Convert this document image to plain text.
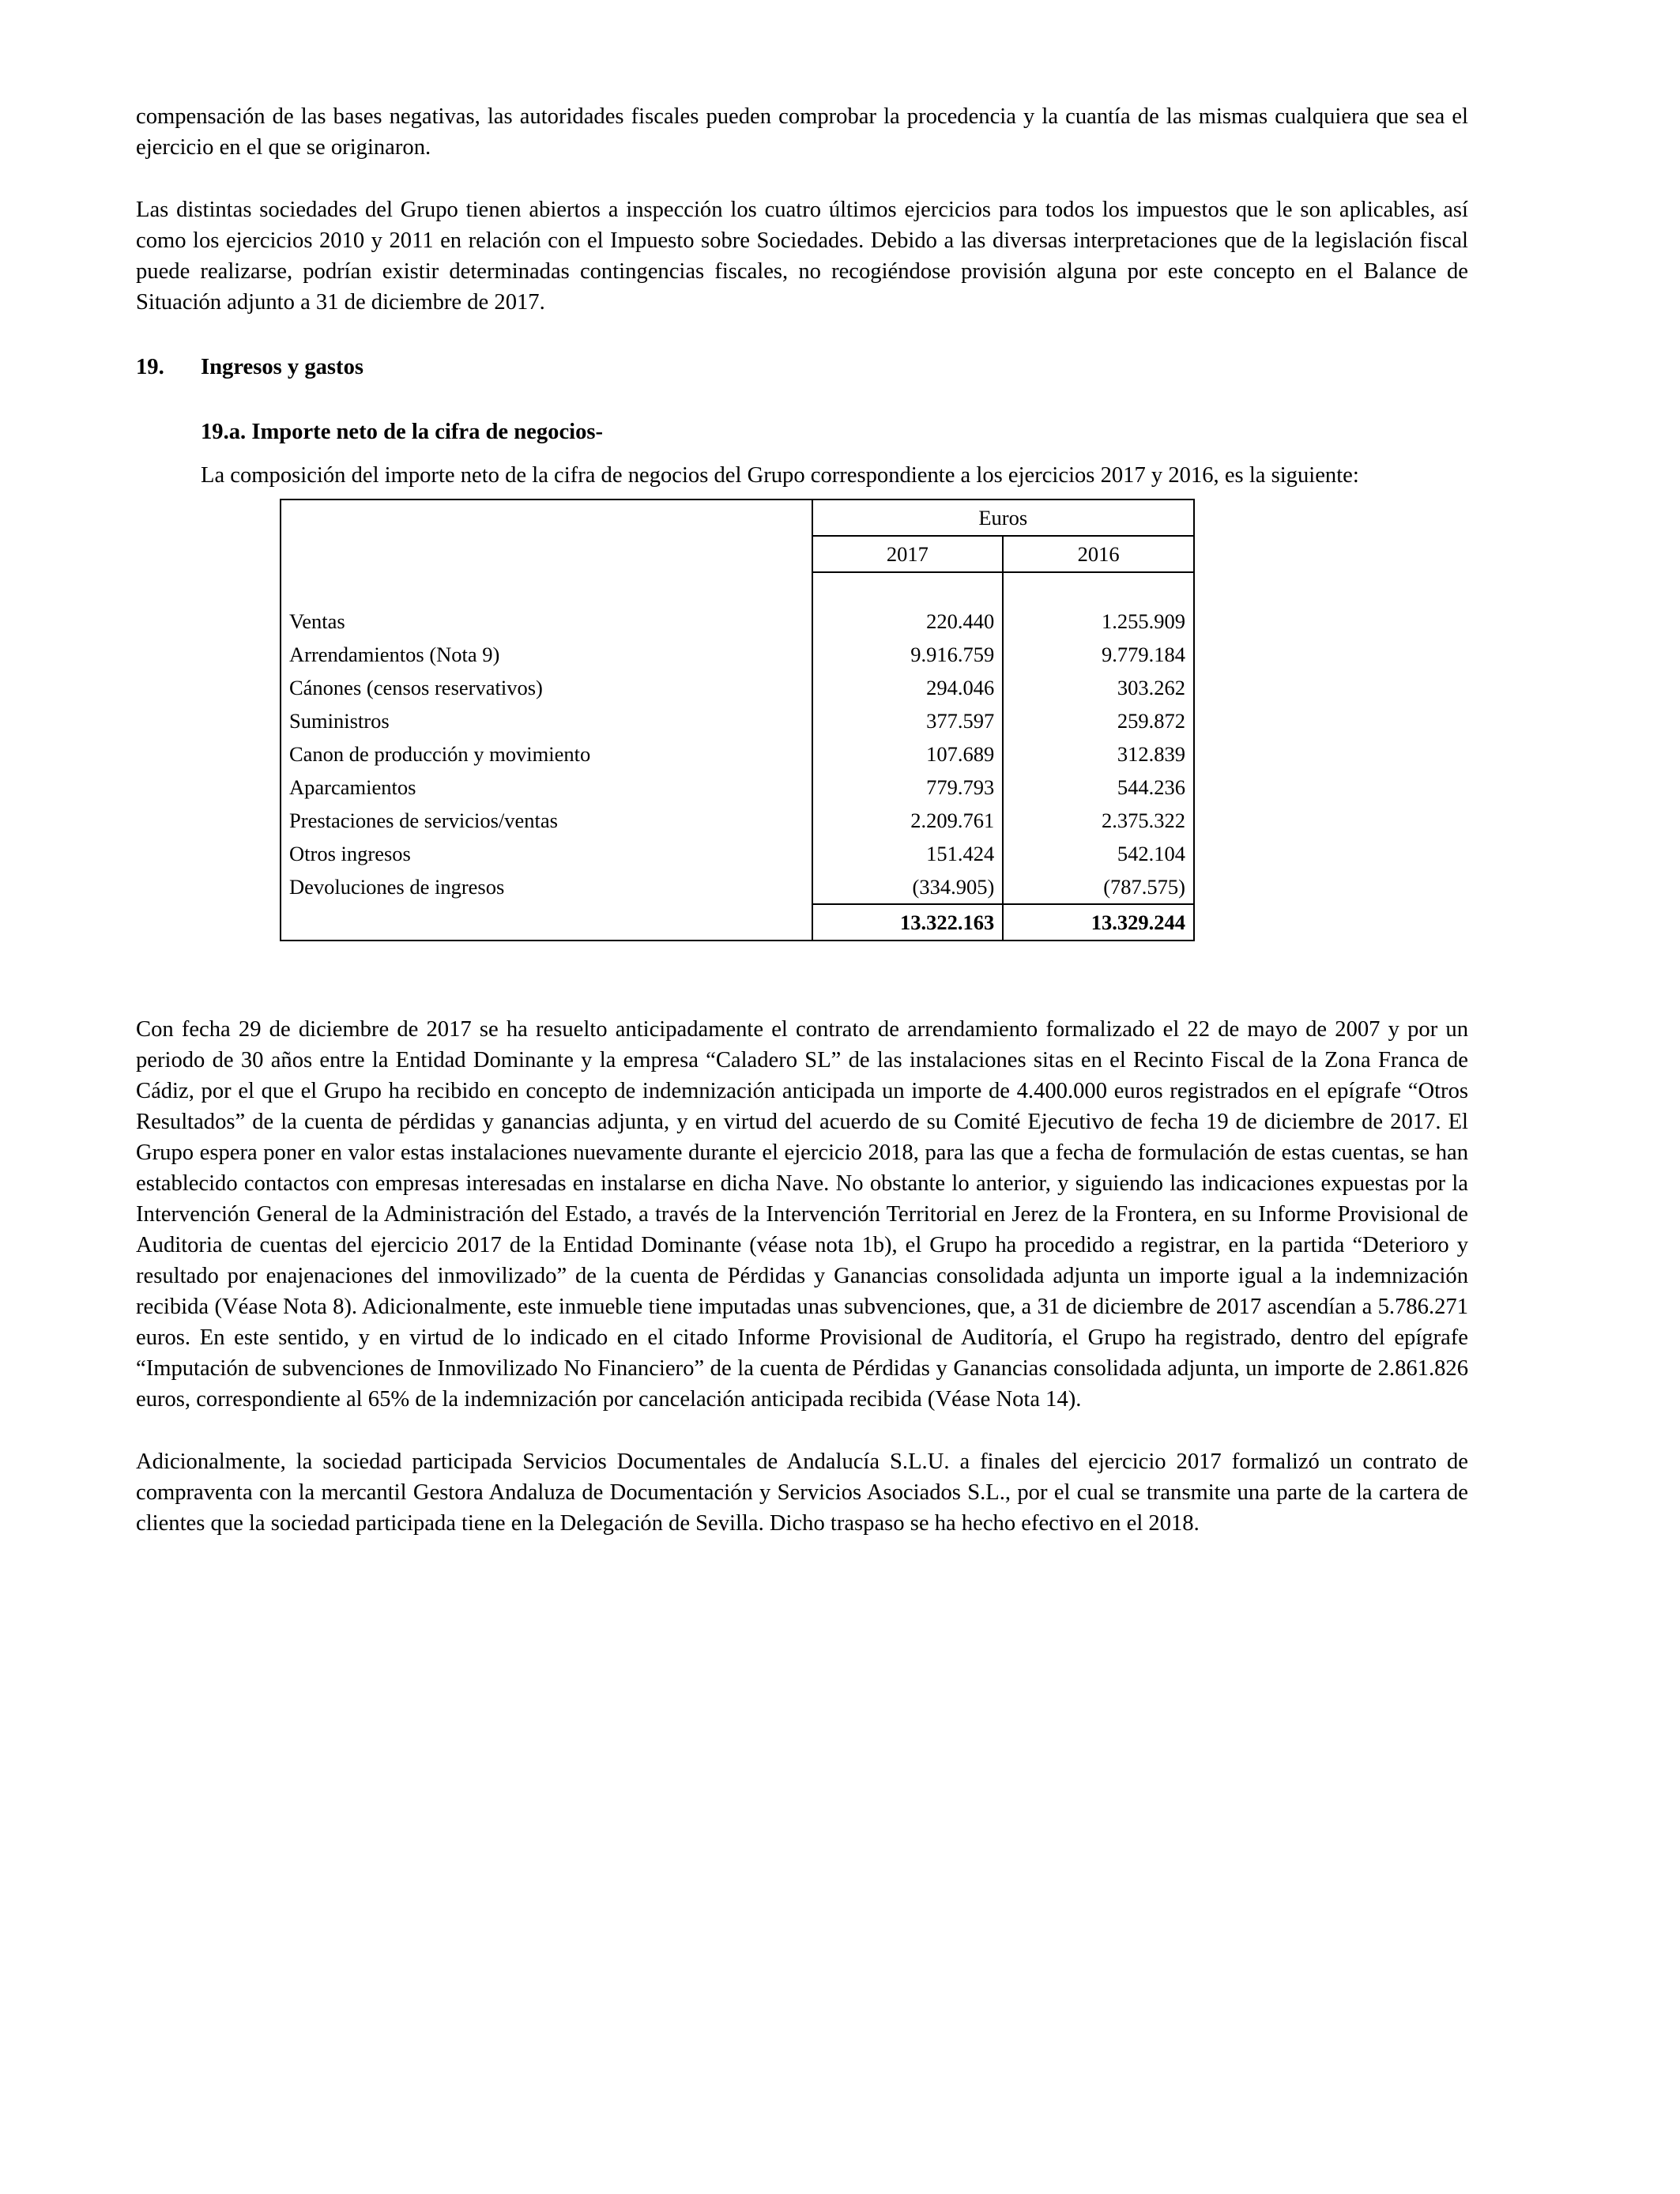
compensación de las bases negativas, las autoridades fiscales pueden comprobar la procedencia y la cuantía de las mismas cualquiera que sea el ejercicio en el que se originaron.

Las distintas sociedades del Grupo tienen abiertos a inspección los cuatro últimos ejercicios para todos los impuestos que le son aplicables, así como los ejercicios 2010 y 2011 en relación con el Impuesto sobre Sociedades. Debido a las diversas interpretaciones que de la legislación fiscal puede realizarse, podrían existir determinadas contingencias fiscales, no recogiéndose provisión alguna por este concepto en el Balance de Situación adjunto a 31 de diciembre de 2017.

19.	Ingresos y gastos
19.a. Importe neto de la cifra de negocios-

La composición del importe neto de la cifra de negocios del Grupo correspondiente a los ejercicios 2017 y 2016, es la siguiente:

	Euros	
	2017	2016

Ventas	220.440	1.255.909
Arrendamientos (Nota 9)	9.916.759	9.779.184
Cánones (censos reservativos)	294.046	303.262
Suministros	377.597	259.872
Canon de producción y movimiento	107.689	312.839
Aparcamientos	779.793	544.236
Prestaciones de servicios/ventas	2.209.761	2.375.322
Otros ingresos	151.424	542.104
Devoluciones de ingresos	(334.905)	(787.575)
	13.322.163	13.329.244

Con fecha 29 de diciembre de 2017 se ha resuelto anticipadamente el contrato de arrendamiento formalizado el 22 de mayo de 2007 y por un periodo de 30 años entre la Entidad Dominante y la empresa “Caladero SL” de las instalaciones sitas en el Recinto Fiscal de la Zona Franca de Cádiz, por el que el Grupo ha recibido en concepto de indemnización anticipada un importe de 4.400.000 euros registrados en el epígrafe “Otros Resultados” de la cuenta de pérdidas y ganancias adjunta, y en virtud del acuerdo de su Comité Ejecutivo de fecha 19 de diciembre de 2017. El Grupo espera poner en valor estas instalaciones nuevamente durante el ejercicio 2018, para las que a fecha de formulación de estas cuentas, se han establecido contactos con empresas interesadas en instalarse en dicha Nave. No obstante lo anterior, y siguiendo las indicaciones expuestas por la Intervención General de la Administración del Estado, a través de la Intervención Territorial en Jerez de la Frontera, en su Informe Provisional de Auditoria de cuentas del ejercicio 2017 de la Entidad Dominante (véase nota 1b), el Grupo ha procedido a registrar, en la partida “Deterioro y resultado por enajenaciones del inmovilizado” de la cuenta de Pérdidas y Ganancias consolidada adjunta un importe igual a la indemnización recibida (Véase Nota 8). Adicionalmente, este inmueble tiene imputadas unas subvenciones, que, a 31 de diciembre de 2017 ascendían a 5.786.271 euros. En este sentido, y en virtud de lo indicado en el citado Informe Provisional de Auditoría, el Grupo ha registrado, dentro del epígrafe “Imputación de subvenciones de Inmovilizado No Financiero” de la cuenta de Pérdidas y Ganancias consolidada adjunta, un importe de 2.861.826 euros, correspondiente al 65% de la indemnización por cancelación anticipada recibida (Véase Nota 14).

Adicionalmente, la sociedad participada Servicios Documentales de Andalucía S.L.U. a finales del ejercicio 2017 formalizó un contrato de compraventa con la mercantil Gestora Andaluza de Documentación y Servicios Asociados S.L., por el cual se transmite una parte de la cartera de clientes que la sociedad participada tiene en la Delegación de Sevilla. Dicho traspaso se ha hecho efectivo en el 2018.
